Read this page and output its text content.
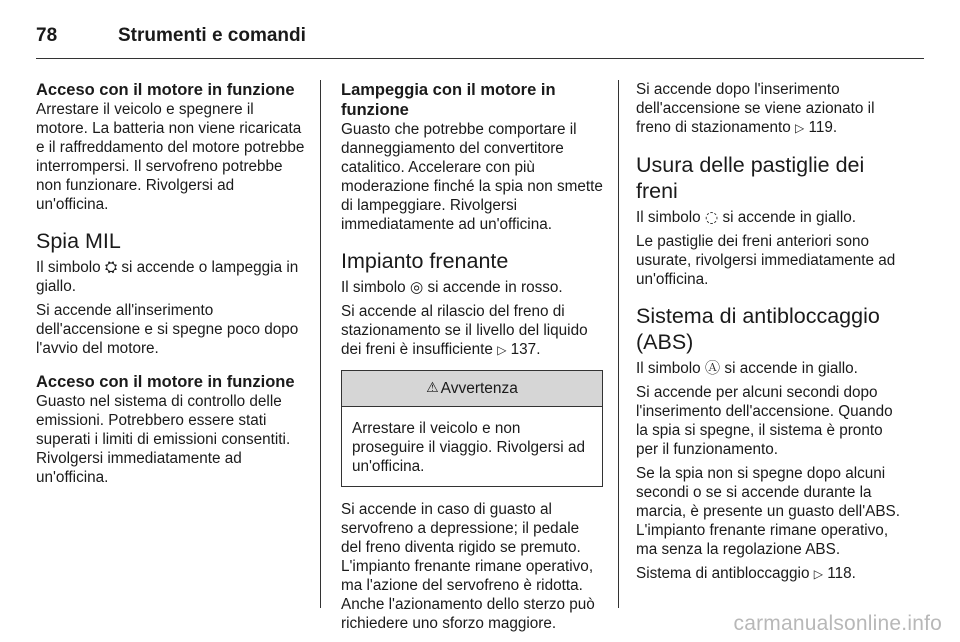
78	Strumenti e comandi
Acceso con il motore in funzione

Arrestare il veicolo e spegnere il motore. La batteria non viene ricaricata e il raffreddamento del motore potrebbe interrompersi. Il servofreno potrebbe non funzionare. Rivolgersi ad un'officina.

Spia MIL

Il simbolo ⛭ si accende o lampeggia in giallo.

Si accende all'inserimento dell'accensione e si spegne poco dopo l'avvio del motore.

Acceso con il motore in funzione

Guasto nel sistema di controllo delle emissioni. Potrebbero essere stati superati i limiti di emissioni consentiti. Rivolgersi immediatamente ad un'officina.

Lampeggia con il motore in funzione

Guasto che potrebbe comportare il danneggiamento del convertitore catalitico. Accelerare con più moderazione finché la spia non smette di lampeggiare. Rivolgersi immediatamente ad un'officina.

Impianto frenante

Il simbolo ◎ si accende in rosso.

Si accende al rilascio del freno di stazionamento se il livello del liquido dei freni è insufficiente ▷ 137.

⚠ Avvertenza
Arrestare il veicolo e non proseguire il viaggio. Rivolgersi ad un'officina.

Si accende in caso di guasto al servofreno a depressione; il pedale del freno diventa rigido se premuto. L'impianto frenante rimane operativo, ma l'azione del servofreno è ridotta. Anche l'azionamento dello sterzo può richiedere uno sforzo maggiore.

Si accende dopo l'inserimento dell'accensione se viene azionato il freno di stazionamento ▷ 119.

Usura delle pastiglie dei freni

Il simbolo ◌ si accende in giallo.

Le pastiglie dei freni anteriori sono usurate, rivolgersi immediatamente ad un'officina.

Sistema di antibloccaggio (ABS)

Il simbolo Ⓐ si accende in giallo.

Si accende per alcuni secondi dopo l'inserimento dell'accensione. Quando la spia si spegne, il sistema è pronto per il funzionamento.

Se la spia non si spegne dopo alcuni secondi o se si accende durante la marcia, è presente un guasto dell'ABS. L'impianto frenante rimane operativo, ma senza la regolazione ABS.

Sistema di antibloccaggio ▷ 118.

carmanualsonline.info
